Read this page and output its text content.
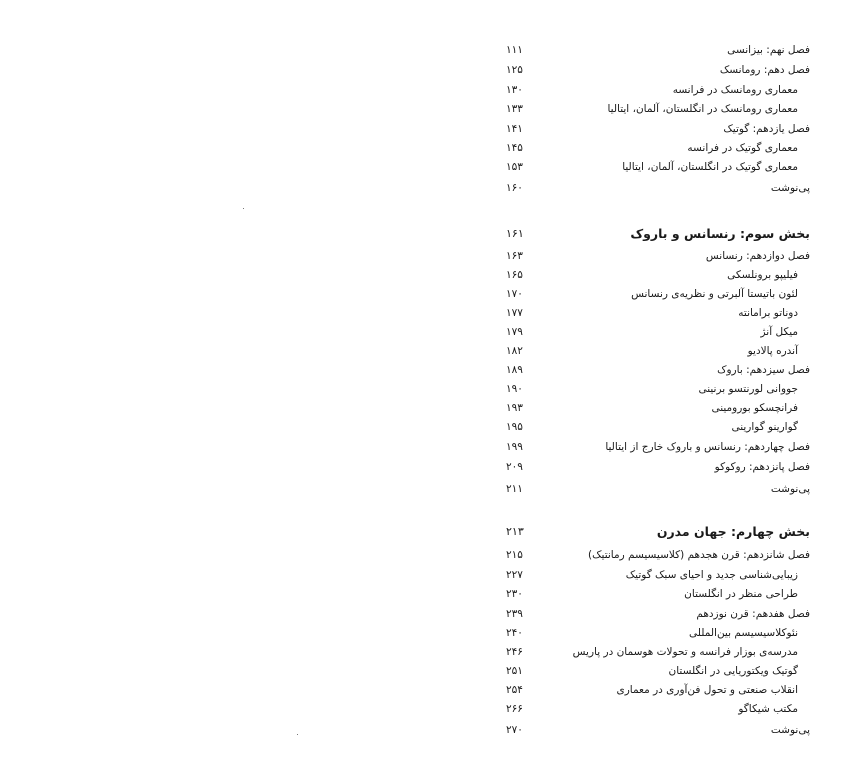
فصل نهم: بیزانسی
۱۱۱
فصل دهم: رومانسک
۱۲۵
معماری رومانسک در فرانسه
۱۳۰
معماری رومانسک در انگلستان، آلمان، ایتالیا
۱۳۳
فصل یازدهم: گوتیک
۱۴۱
معماری گوتیک در فرانسه
۱۴۵
معماری گوتیک در انگلستان، آلمان، ایتالیا
۱۵۳
پی‌نوشت
۱۶۰
بخش سوم: رنسانس و باروک
۱۶۱
فصل دوازدهم: رنسانس
۱۶۳
فیلیپو برونلسکی
۱۶۵
لئون باتیستا آلبرتی و نظریه‌ی رنسانس
۱۷۰
دوناتو برامانته
۱۷۷
میکل آنژ
۱۷۹
آندره پالادیو
۱۸۲
فصل سیزدهم: باروک
۱۸۹
جووانی لورنتسو برنینی
۱۹۰
فرانچسکو بورومینی
۱۹۳
گوارینو گوارینی
۱۹۵
فصل چهاردهم: رنسانس و باروک خارج از ایتالیا
۱۹۹
فصل پانزدهم: روکوکو
۲۰۹
پی‌نوشت
۲۱۱
بخش چهارم: جهان مدرن
۲۱۳
فصل شانزدهم: قرن هجدهم (کلاسیسیسم رمانتیک)
۲۱۵
زیبایی‌شناسی جدید و احیای سبک گوتیک
۲۲۷
طراحی منظر در انگلستان
۲۳۰
فصل هفدهم: قرن نوزدهم
۲۳۹
نئوکلاسیسیسم بین‌المللی
۲۴۰
مدرسه‌ی بوزار فرانسه و تحولات هوسمان در پاریس
۲۴۶
گوتیک ویکتوریایی در انگلستان
۲۵۱
انقلاب صنعتی و تحول فن‌آوری در معماری
۲۵۴
مکتب شیکاگو
۲۶۶
پی‌نوشت
۲۷۰
